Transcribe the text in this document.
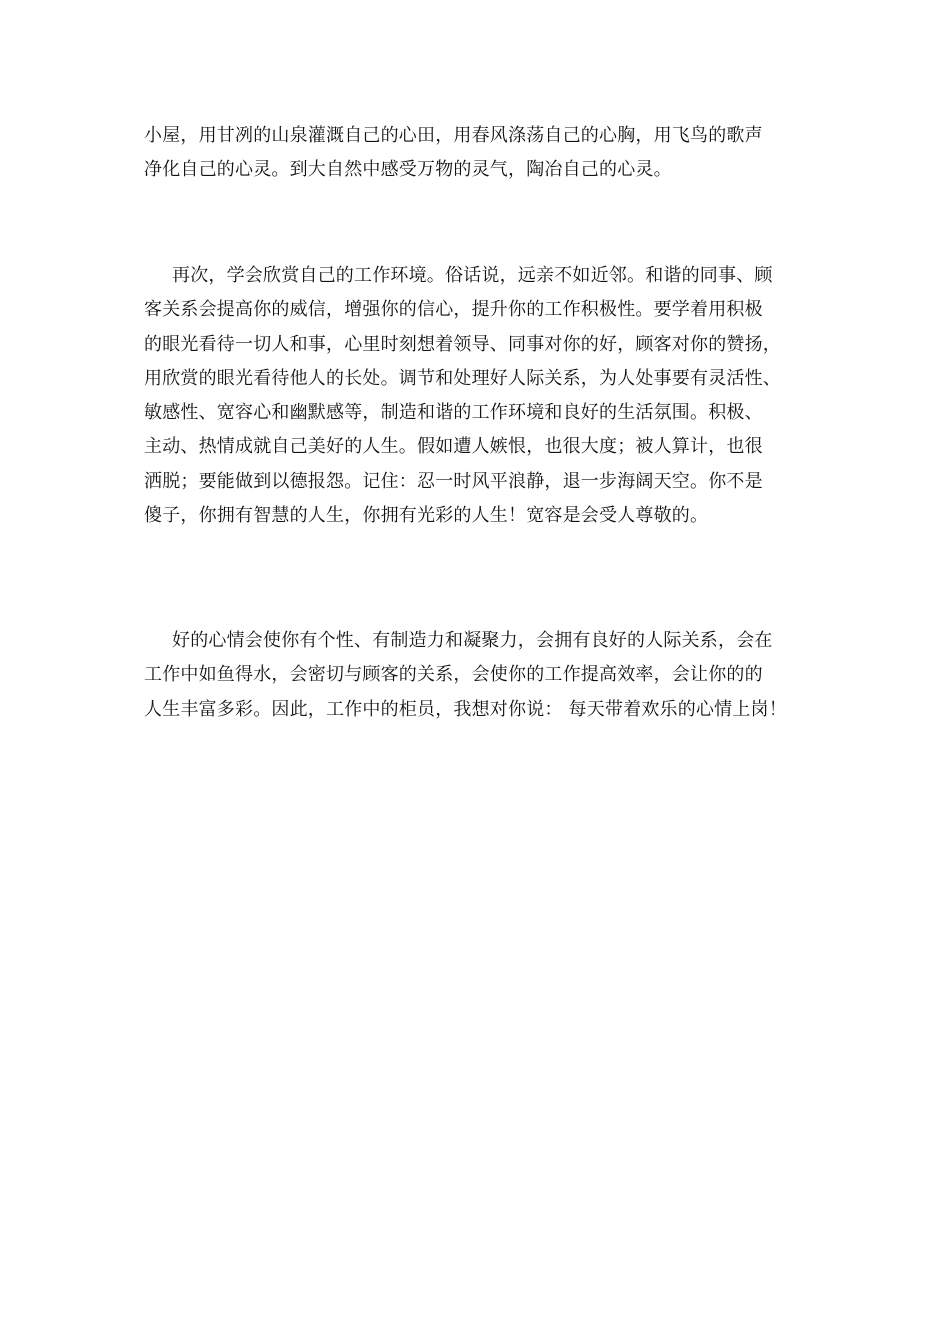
小屋，用甘冽的山泉灌溉自己的心田，用春风涤荡自己的心胸，用飞鸟的歌声
净化自己的心灵。到大自然中感受万物的灵气，陶冶自己的心灵。
再次，学会欣赏自己的工作环境。俗话说，远亲不如近邻。和谐的同事、顾
客关系会提高你的威信，增强你的信心，提升你的工作积极性。要学着用积极
的眼光看待一切人和事，心里时刻想着领导、同事对你的好，顾客对你的赞扬，
用欣赏的眼光看待他人的长处。调节和处理好人际关系，为人处事要有灵活性、
敏感性、宽容心和幽默感等，制造和谐的工作环境和良好的生活氛围。积极、
主动、热情成就自己美好的人生。假如遭人嫉恨，也很大度；被人算计，也很
洒脱；要能做到以德报怨。记住：忍一时风平浪静，退一步海阔天空。你不是
傻子，你拥有智慧的人生，你拥有光彩的人生！宽容是会受人尊敬的。
好的心情会使你有个性、有制造力和凝聚力，会拥有良好的人际关系，会在
工作中如鱼得水，会密切与顾客的关系，会使你的工作提高效率，会让你的的
人生丰富多彩。因此，工作中的柜员，我想对你说： 每天带着欢乐的心情上岗！
